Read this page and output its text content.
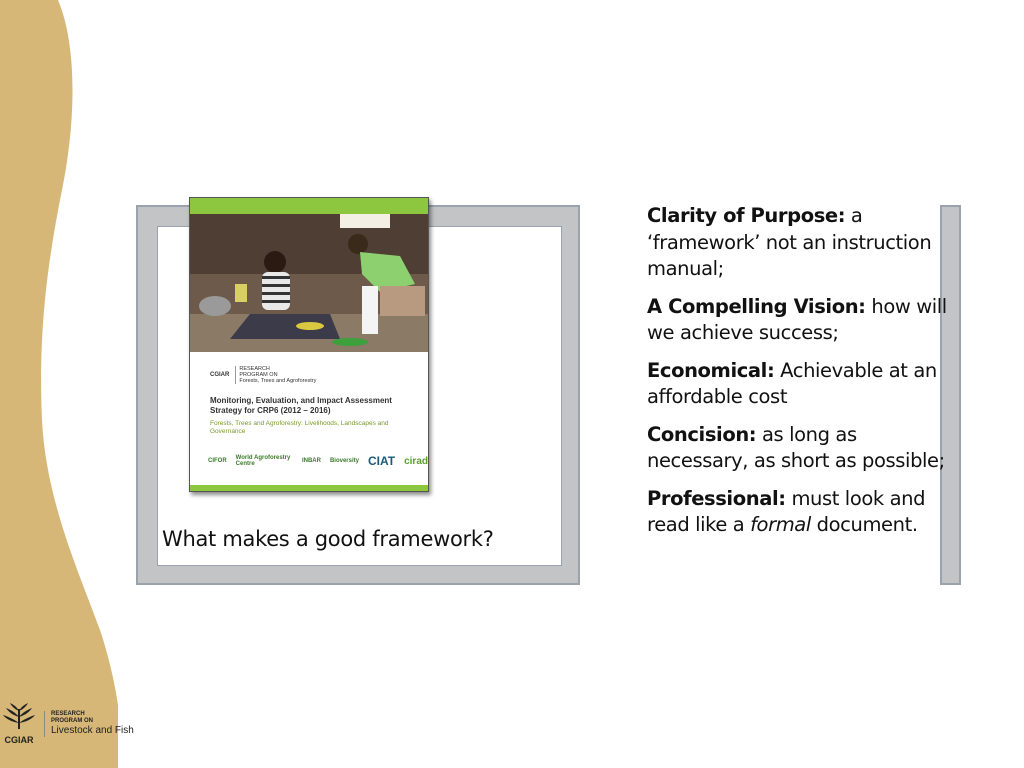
What makes a good framework?
CGIAR
RESEARCH
PROGRAM ON
Forests, Trees and Agroforestry
Monitoring, Evaluation, and Impact Assessment Strategy for CRP6 (2012 – 2016)
Forests, Trees and Agroforestry: Livelihoods, Landscapes and Governance
CIFOR World Agroforestry Centre	INBAR Bioversity CIAT cirad

Clarity of Purpose: a ‘framework’ not an instruction manual;

A Compelling Vision: how will we achieve success;

Economical: Achievable at an affordable cost

Concision: as long as necessary, as short as possible;

Professional: must look and read like a formal document.

CGIAR
RESEARCH
PROGRAM ON
Livestock and Fish
